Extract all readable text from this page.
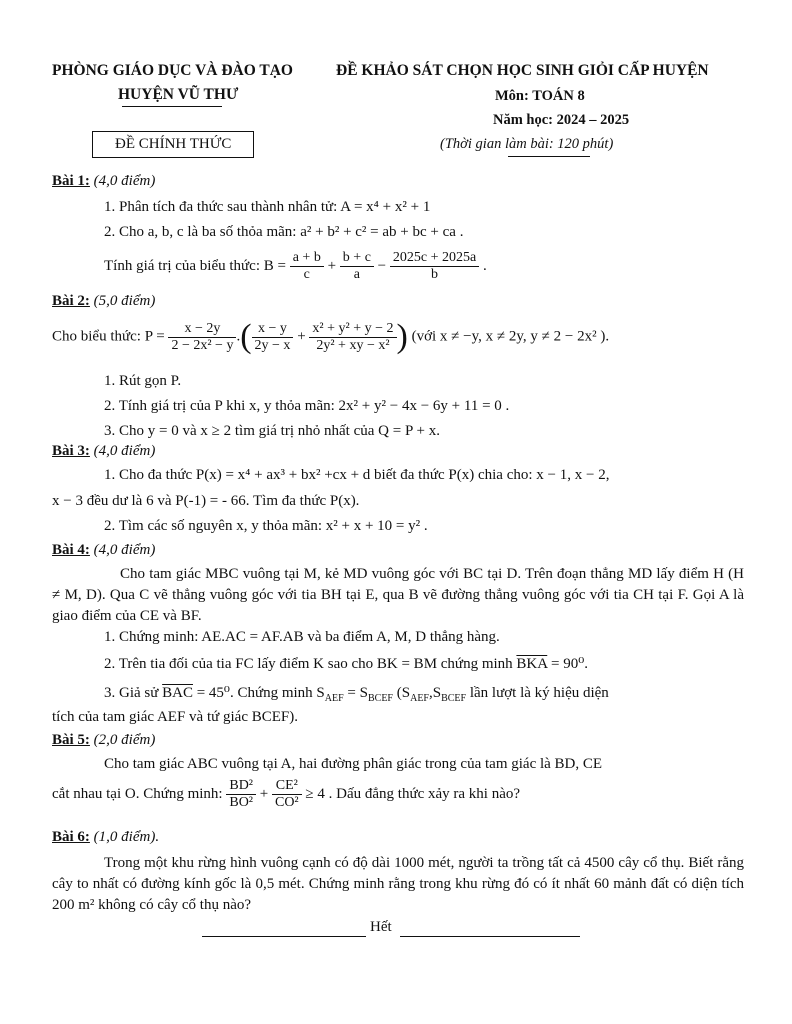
PHÒNG GIÁO DỤC VÀ ĐÀO TẠO
HUYỆN VŨ THƯ
ĐỀ KHẢO SÁT CHỌN HỌC SINH GIỎI CẤP HUYỆN
Môn: TOÁN 8
Năm học: 2024 – 2025
ĐỀ CHÍNH THỨC	(Thời gian làm bài: 120 phút)
Bài 1: (4,0 điểm)
1. Phân tích đa thức sau thành nhân tử: A = x⁴ + x² + 1
2. Cho a, b, c là ba số thỏa mãn: a² + b² + c² = ab + bc + ca .
Tính giá trị của biểu thức: $B = \frac{a + b}{c} + \frac{b + c}{a} - \frac{2025c + 2025a}{b}$ .
Bài 2: (5,0 điểm)
Cho biểu thức: $P = \frac{x - 2y}{\text{2 − 2x² − y}}$ .( $\frac{x - y}{2y - x} + \frac{\text{x² + y² + y − 2}}{\text{2y² + xy − x²}}$ ) (với x ≠ −y, x ≠ 2y, y ≠ 2 − 2x² ).
1. Rút gọn P.
2. Tính giá trị của P khi x, y thỏa mãn: 2x² + y² − 4x − 6y + 11 = 0 .
3. Cho y = 0 và x ≥ 2 tìm giá trị nhỏ nhất của Q = P + x.
Bài 3: (4,0 điểm)
1. Cho đa thức P(x) = x⁴ + ax³ + bx² +cx + d biết đa thức P(x) chia cho: x − 1, x − 2,
x − 3 đều dư là 6 và P(-1) = - 66. Tìm đa thức P(x).
2. Tìm các số nguyên x, y thỏa mãn: x² + x + 10 = y² .
Bài 4: (4,0 điểm)
Cho tam giác MBC vuông tại M, kẻ MD vuông góc với BC tại D. Trên đoạn thẳng MD lấy điểm H (H ≠ M, D). Qua C vẽ thẳng vuông góc với tia BH tại E, qua B vẽ đường thẳng vuông góc với tia CH tại F. Gọi A là giao điểm của CE và BF.
1. Chứng minh: AE.AC = AF.AB và ba điểm A, M, D thẳng hàng.
2. Trên tia đối của tia FC lấy điểm K sao cho BK = BM chứng minh $\overline{BKA} = 90^0$.
3. Giả sử $\overline{BAC} = 45^0$. Chứng minh $S_{AEF} = S_{BCEF}$ ($S_{AEF},S_{BCEF}$ lần lượt là ký hiệu diện
tích của tam giác AEF và tứ giác BCEF).
Bài 5: (2,0 điểm)
Cho tam giác ABC vuông tại A, hai đường phân giác trong của tam giác là BD, CE
cắt nhau tại O. Chứng minh: $\frac{\text{BD²}}{\text{BO²}} + \frac{\text{CE²}}{\text{CO²}} \ge 4$ . Dấu đẳng thức xảy ra khi nào?
Bài 6: (1,0 điểm).
Trong một khu rừng hình vuông cạnh có độ dài 1000 mét, người ta trồng tất cả 4500 cây cổ thụ. Biết rằng cây to nhất có đường kính gốc là 0,5 mét. Chứng minh rằng trong khu rừng đó có ít nhất 60 mảnh đất có diện tích 200 m² không có cây cổ thụ nào?
Hết
